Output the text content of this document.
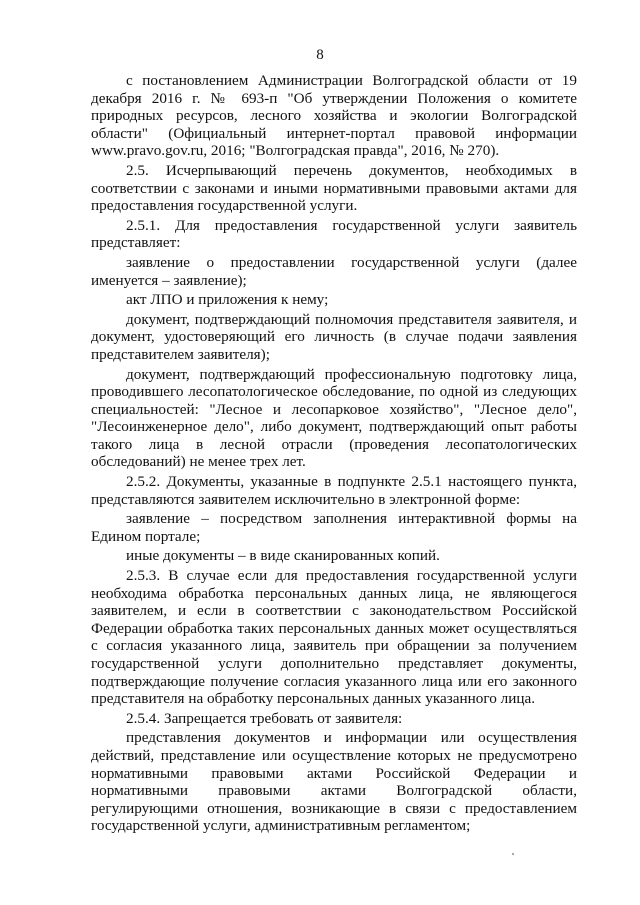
8

с постановлением Администрации Волгоградской области от 19 декабря 2016 г. № 693-п "Об утверждении Положения о комитете природных ресурсов, лесного хозяйства и экологии Волгоградской области" (Официальный интернет-портал правовой информации www.pravo.gov.ru, 2016; "Волгоградская правда", 2016, № 270).

2.5. Исчерпывающий перечень документов, необходимых в соответствии с законами и иными нормативными правовыми актами для предоставления государственной услуги.

2.5.1. Для предоставления государственной услуги заявитель представляет:

заявление о предоставлении государственной услуги (далее именуется – заявление);

акт ЛПО и приложения к нему;

документ, подтверждающий полномочия представителя заявителя, и документ, удостоверяющий его личность (в случае подачи заявления представителем заявителя);

документ, подтверждающий профессиональную подготовку лица, проводившего лесопатологическое обследование, по одной из следующих специальностей: "Лесное и лесопарковое хозяйство", "Лесное дело", "Лесоинженерное дело", либо документ, подтверждающий опыт работы такого лица в лесной отрасли (проведения лесопатологических обследований) не менее трех лет.

2.5.2. Документы, указанные в подпункте 2.5.1 настоящего пункта, представляются заявителем исключительно в электронной форме:

заявление – посредством заполнения интерактивной формы на Едином портале;

иные документы – в виде сканированных копий.

2.5.3. В случае если для предоставления государственной услуги необходима обработка персональных данных лица, не являющегося заявителем, и если в соответствии с законодательством Российской Федерации обработка таких персональных данных может осуществляться с согласия указанного лица, заявитель при обращении за получением государственной услуги дополнительно представляет документы, подтверждающие получение согласия указанного лица или его законного представителя на обработку персональных данных указанного лица.

2.5.4. Запрещается требовать от заявителя:

представления документов и информации или осуществления действий, представление или осуществление которых не предусмотрено нормативными правовыми актами Российской Федерации и нормативными правовыми актами Волгоградской области, регулирующими отношения, возникающие в связи с предоставлением государственной услуги, административным регламентом;
